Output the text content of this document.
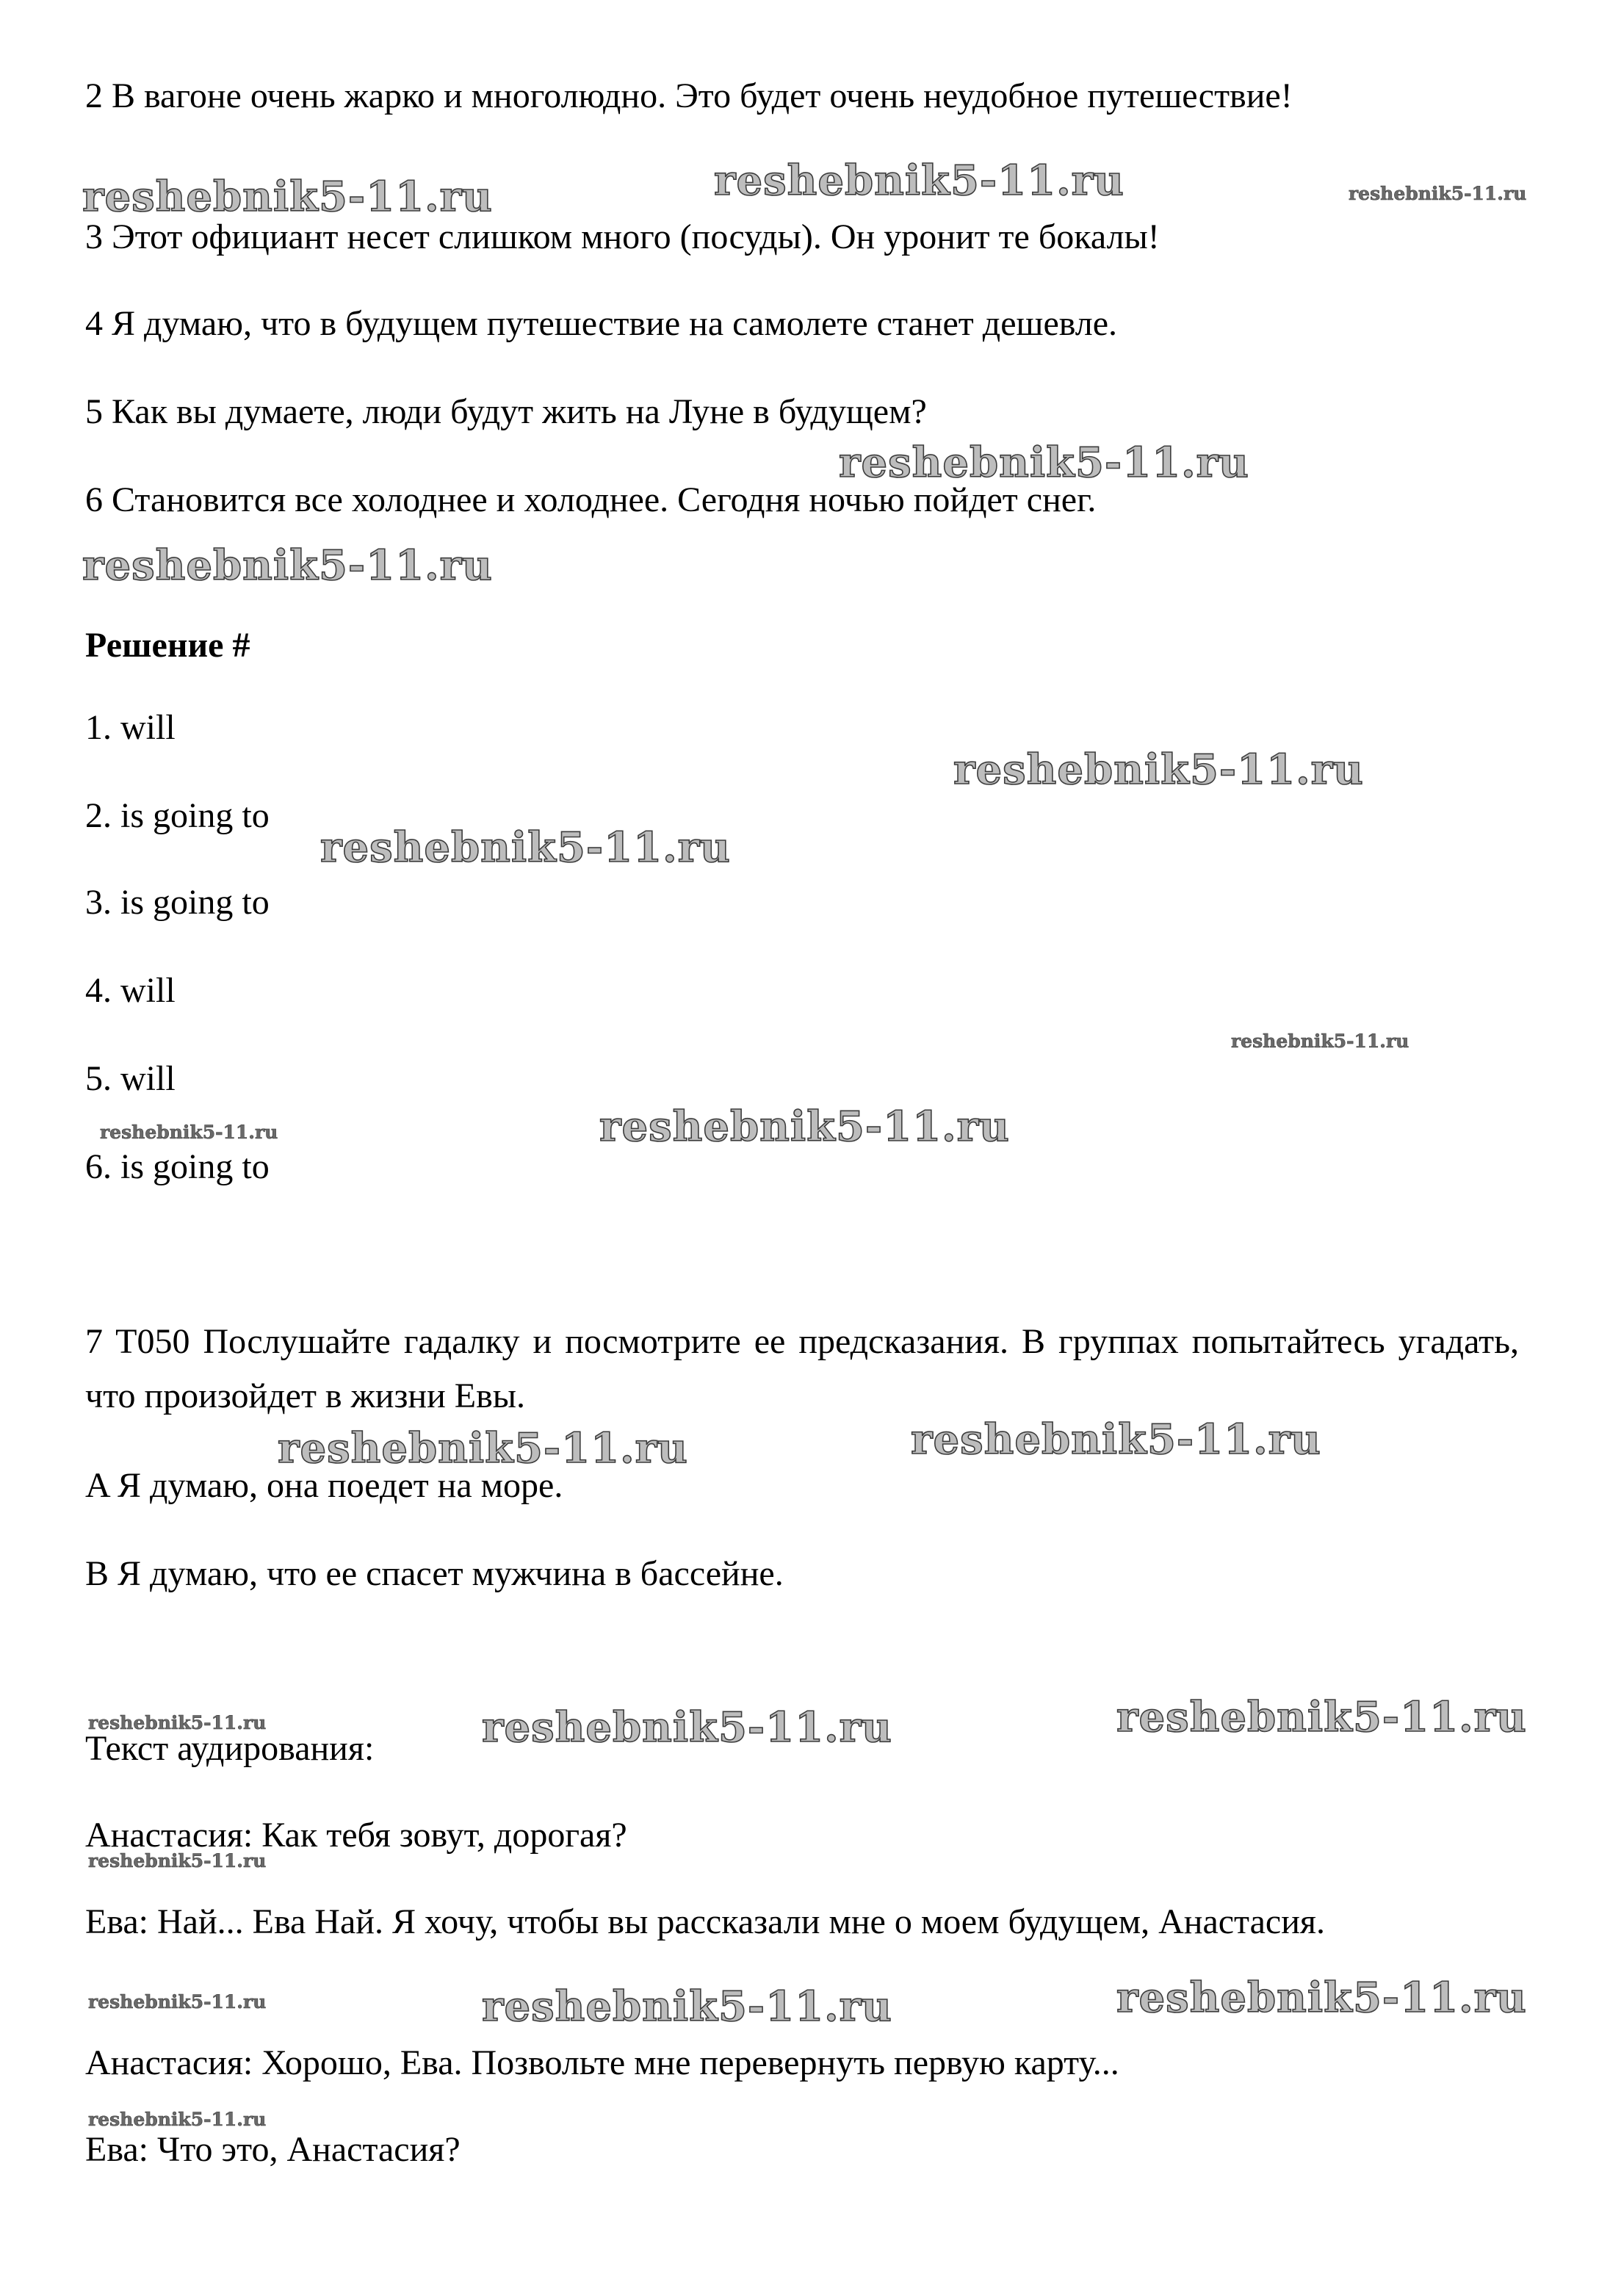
2 В вагоне очень жарко и многолюдно. Это будет очень неудобное путешествие!

3 Этот официант несет слишком много (посуды). Он уронит те бокалы!

4 Я думаю, что в будущем путешествие на самолете станет дешевле.

5 Как вы думаете, люди будут жить на Луне в будущем?

6 Становится все холоднее и холоднее. Сегодня ночью пойдет снег.

Решение #

1. will

2. is going to

3. is going to

4. will

5. will

6. is going to

7 T050 Послушайте гадалку и посмотрите ее предсказания. В группах попытайтесь угадать, что произойдет в жизни Евы.

A Я думаю, она поедет на море.

B Я думаю, что ее спасет мужчина в бассейне.

Текст аудирования:

Анастасия: Как тебя зовут, дорогая?

Ева: Най... Ева Най. Я хочу, чтобы вы рассказали мне о моем будущем, Анастасия.

Анастасия: Хорошо, Ева. Позвольте мне перевернуть первую карту...

Ева: Что это, Анастасия?

reshebnik5-11.ru	reshebnik5-11.ru	reshebnik5-11.ru
reshebnik5-11.ru
reshebnik5-11.ru
reshebnik5-11.ru
reshebnik5-11.ru
reshebnik5-11.ru
reshebnik5-11.ru
reshebnik5-11.ru
reshebnik5-11.ru	reshebnik5-11.ru
reshebnik5-11.ru	reshebnik5-11.ru	reshebnik5-11.ru
reshebnik5-11.ru
reshebnik5-11.ru	reshebnik5-11.ru	reshebnik5-11.ru
reshebnik5-11.ru
